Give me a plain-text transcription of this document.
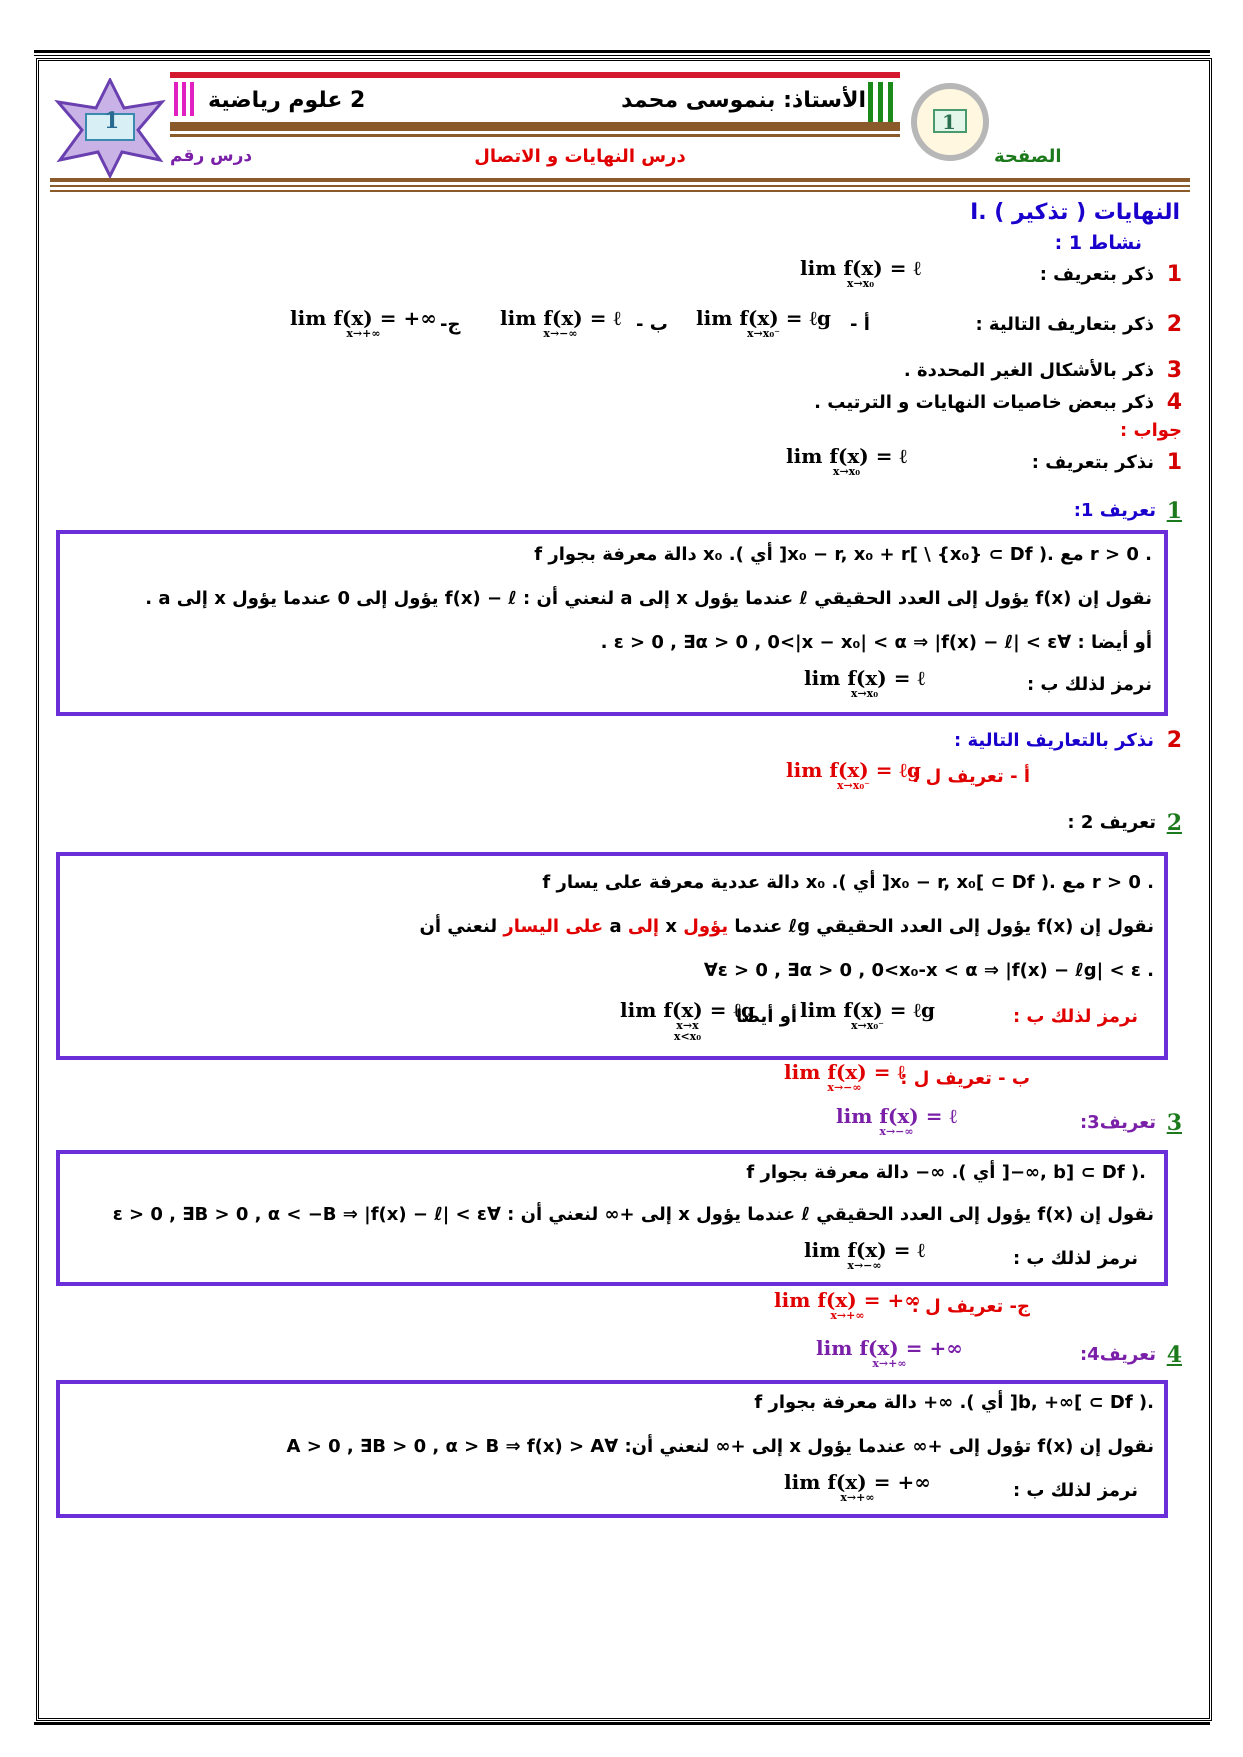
1
2 علوم رياضية	الأستاذ: بنموسى محمد
1
الصفحة
درس النهايات و الاتصال
درس رقم
I. النهايات ( تذكير )
نشاط 1 :
1
ذكر بتعريف :
lim f(x) = ℓ
x→x₀
2
ذكر بتعاريف التالية :
أ -
lim f(x) = ℓg
x→x₀⁻
ب -
lim f(x) = ℓ
x→−∞
ج-
lim f(x) = +∞
x→+∞
3
ذكر بالأشكال الغير المحددة .
4
ذكر ببعض خاصيات النهايات و الترتيب .
جواب :
1
نذكر بتعريف :
lim f(x) = ℓ
x→x₀
1
تعريف 1:
f دالة معرفة بجوار x₀ .( أي ]x₀ − r, x₀ + r[ \ {x₀} ⊂ Df ). مع r > 0 .
نقول إن f(x) يؤول إلى العدد الحقيقي ℓ عندما يؤول x إلى a لنعني أن : f(x) − ℓ يؤول إلى 0 عندما يؤول x إلى a .
أو أيضا : ∀ε > 0 , ∃α > 0 , 0<|x − x₀| < α ⇒ |f(x) − ℓ| < ε .
نرمز لذلك ب :
lim f(x) = ℓ
x→x₀
2
نذكر بالتعاريف التالية :
أ - تعريف ل :
lim f(x) = ℓg
x→x₀⁻
2
تعريف 2 :
f دالة عددية معرفة على يسار x₀ .( أي ]x₀ − r, x₀[ ⊂ Df ). مع r > 0 .
نقول إن f(x) يؤول إلى العدد الحقيقي ℓg عندما يؤول x إلى a على اليسار لنعني أن
∀ε > 0 , ∃α > 0 , 0<x₀-x < α ⇒ |f(x) − ℓg| < ε .
نرمز لذلك ب :
lim f(x) = ℓg
x→x₀⁻
أو أيضا
lim f(x) = ℓg
x→x
x<x₀
ب - تعريف ل :
lim f(x) = ℓ
x→−∞
3
تعريف3:
lim f(x) = ℓ
x→−∞
f دالة معرفة بجوار −∞ .( أي ]−∞, b] ⊂ Df ).
نقول إن f(x) يؤول إلى العدد الحقيقي ℓ عندما يؤول x إلى +∞ لنعني أن : ∀ε > 0 , ∃B > 0 , α < −B ⇒ |f(x) − ℓ| < ε
نرمز لذلك ب :
lim f(x) = ℓ
x→−∞
ج- تعريف ل :
lim f(x) = +∞
x→+∞
4
تعريف4:
lim f(x) = +∞
x→+∞
f دالة معرفة بجوار +∞ .( أي ]b, +∞[ ⊂ Df ).
نقول إن f(x) تؤول إلى +∞ عندما يؤول x إلى +∞ لنعني أن: ∀A > 0 , ∃B > 0 , α > B ⇒ f(x) > A
نرمز لذلك ب :
lim f(x) = +∞
x→+∞
